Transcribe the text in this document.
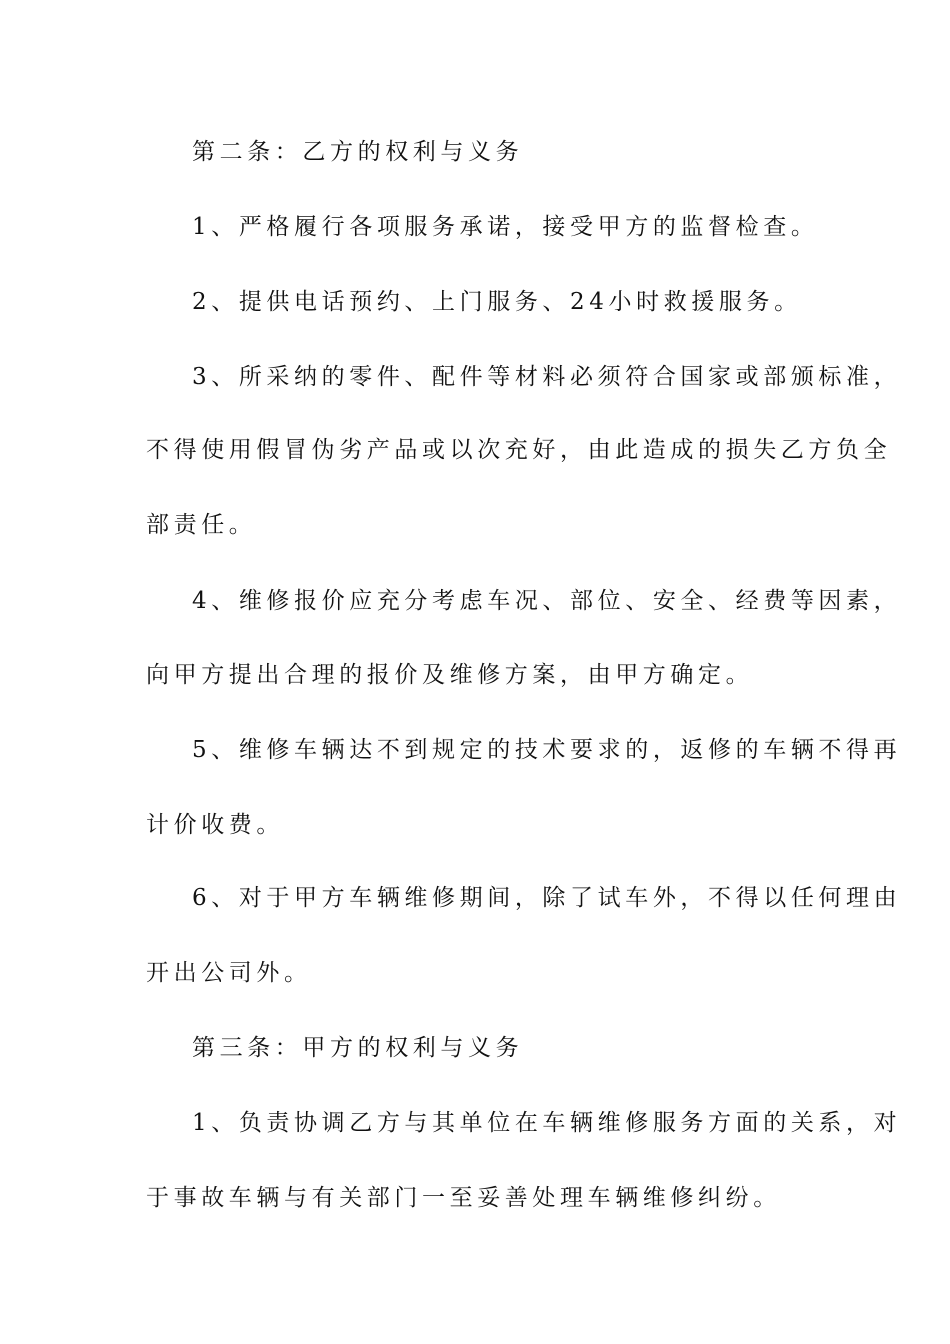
第二条：乙方的权利与义务

1、严格履行各项服务承诺，接受甲方的监督检查。

2、提供电话预约、上门服务、24小时救援服务。

3、所采纳的零件、配件等材料必须符合国家或部颁标准，

不得使用假冒伪劣产品或以次充好，由此造成的损失乙方负全

部责任。

4、维修报价应充分考虑车况、部位、安全、经费等因素，

向甲方提出合理的报价及维修方案，由甲方确定。

5、维修车辆达不到规定的技术要求的，返修的车辆不得再

计价收费。

6、对于甲方车辆维修期间，除了试车外，不得以任何理由

开出公司外。

第三条：甲方的权利与义务

1、负责协调乙方与其单位在车辆维修服务方面的关系，对

于事故车辆与有关部门一至妥善处理车辆维修纠纷。
